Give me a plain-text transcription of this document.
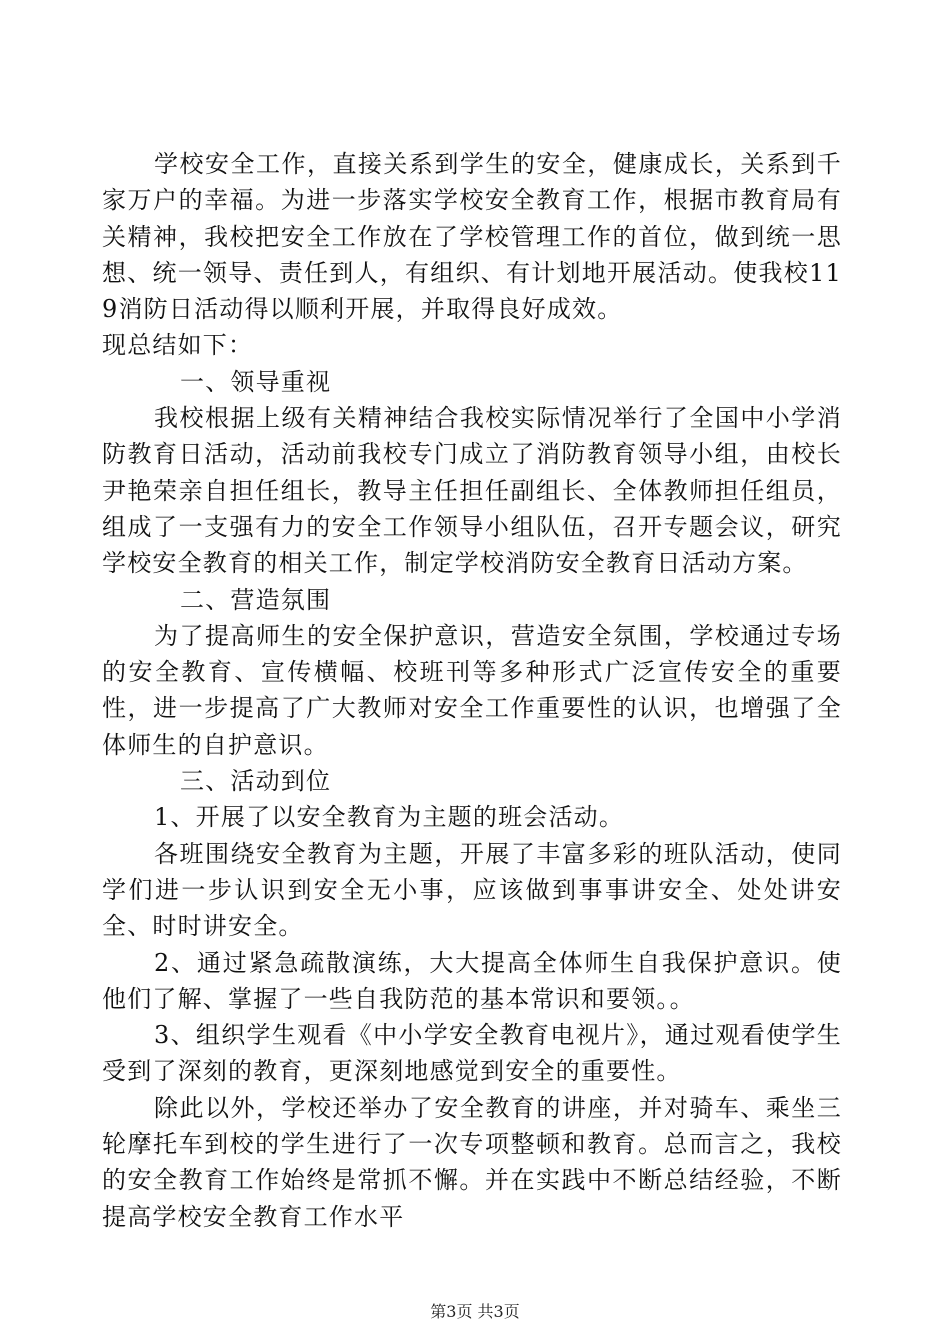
学校安全工作，直接关系到学生的安全，健康成长，关系到千家万户的幸福。为进一步落实学校安全教育工作，根据市教育局有关精神，我校把安全工作放在了学校管理工作的首位，做到统一思想、统一领导、责任到人，有组织、有计划地开展活动。使我校119消防日活动得以顺利开展，并取得良好成效。

现总结如下：

一、领导重视

我校根据上级有关精神结合我校实际情况举行了全国中小学消防教育日活动，活动前我校专门成立了消防教育领导小组，由校长尹艳荣亲自担任组长，教导主任担任副组长、全体教师担任组员，组成了一支强有力的安全工作领导小组队伍，召开专题会议，研究学校安全教育的相关工作，制定学校消防安全教育日活动方案。

二、营造氛围

为了提高师生的安全保护意识，营造安全氛围，学校通过专场的安全教育、宣传横幅、校班刊等多种形式广泛宣传安全的重要性，进一步提高了广大教师对安全工作重要性的认识，也增强了全体师生的自护意识。

三、活动到位

1、开展了以安全教育为主题的班会活动。

各班围绕安全教育为主题，开展了丰富多彩的班队活动，使同学们进一步认识到安全无小事，应该做到事事讲安全、处处讲安全、时时讲安全。

2、通过紧急疏散演练，大大提高全体师生自我保护意识。使他们了解、掌握了一些自我防范的基本常识和要领。。

3、组织学生观看《中小学安全教育电视片》，通过观看使学生受到了深刻的教育，更深刻地感觉到安全的重要性。

除此以外，学校还举办了安全教育的讲座，并对骑车、乘坐三轮摩托车到校的学生进行了一次专项整顿和教育。总而言之，我校的安全教育工作始终是常抓不懈。并在实践中不断总结经验，不断提高学校安全教育工作水平

第3页 共3页
